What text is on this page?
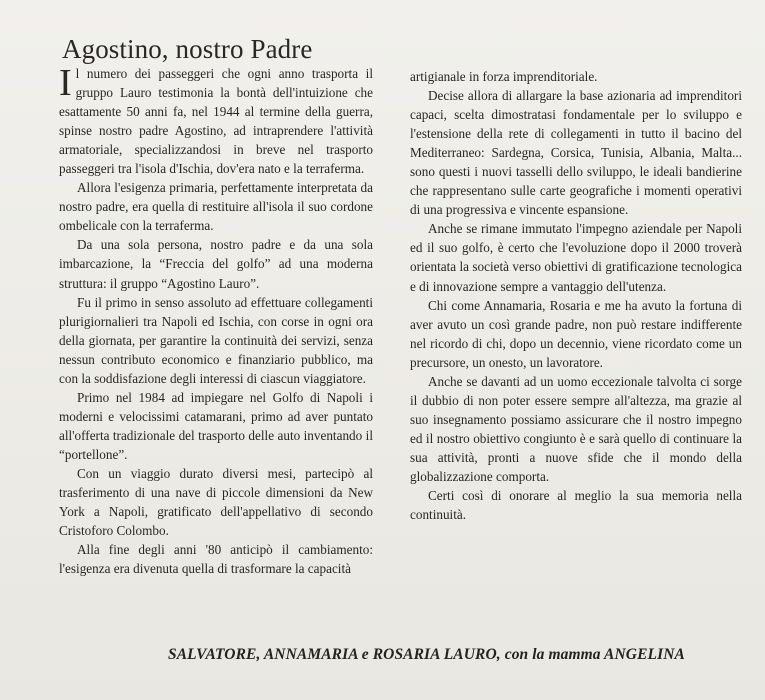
Agostino, nostro Padre

Il numero dei passeggeri che ogni anno trasporta il gruppo Lauro testimonia la bontà dell'intuizione che esattamente 50 anni fa, nel 1944 al termine della guerra, spinse nostro padre Agostino, ad intraprendere l'attività armatoriale, specializzandosi in breve nel trasporto passeggeri tra l'isola d'Ischia, dov'era nato e la terraferma.

Allora l'esigenza primaria, perfettamente interpretata da nostro padre, era quella di restituire all'isola il suo cordone ombelicale con la terraferma.

Da una sola persona, nostro padre e da una sola imbarcazione, la “Freccia del golfo” ad una moderna struttura: il gruppo “Agostino Lauro”.

Fu il primo in senso assoluto ad effettuare collegamenti plurigiornalieri tra Napoli ed Ischia, con corse in ogni ora della giornata, per garantire la continuità dei servizi, senza nessun contributo economico e finanziario pubblico, ma con la soddisfazione degli interessi di ciascun viaggiatore.

Primo nel 1984 ad impiegare nel Golfo di Napoli i moderni e velocissimi catamarani, primo ad aver puntato all'offerta tradizionale del trasporto delle auto inventando il “portellone”.

Con un viaggio durato diversi mesi, partecipò al trasferimento di una nave di piccole dimensioni da New York a Napoli, gratificato dell'appellativo di secondo Cristoforo Colombo.

Alla fine degli anni '80 anticipò il cambiamento: l'esigenza era divenuta quella di trasformare la capacità

artigianale in forza imprenditoriale.

Decise allora di allargare la base azionaria ad imprenditori capaci, scelta dimostratasi fondamentale per lo sviluppo e l'estensione della rete di collegamenti in tutto il bacino del Mediterraneo: Sardegna, Corsica, Tunisia, Albania, Malta... sono questi i nuovi tasselli dello sviluppo, le ideali bandierine che rappresentano sulle carte geografiche i momenti operativi di una progressiva e vincente espansione.

Anche se rimane immutato l'impegno aziendale per Napoli ed il suo golfo, è certo che l'evoluzione dopo il 2000 troverà orientata la società verso obiettivi di gratificazione tecnologica e di innovazione sempre a vantaggio dell'utenza.

Chi come Annamaria, Rosaria e me ha avuto la fortuna di aver avuto un così grande padre, non può restare indifferente nel ricordo di chi, dopo un decennio, viene ricordato come un precursore, un onesto, un lavoratore.

Anche se davanti ad un uomo eccezionale talvolta ci sorge il dubbio di non poter essere sempre all'altezza, ma grazie al suo insegnamento possiamo assicurare che il nostro impegno ed il nostro obiettivo congiunto è e sarà quello di continuare la sua attività, pronti a nuove sfide che il mondo della globalizzazione comporta.

Certi così di onorare al meglio la sua memoria nella continuità.

SALVATORE, ANNAMARIA e ROSARIA LAURO, con la mamma ANGELINA
